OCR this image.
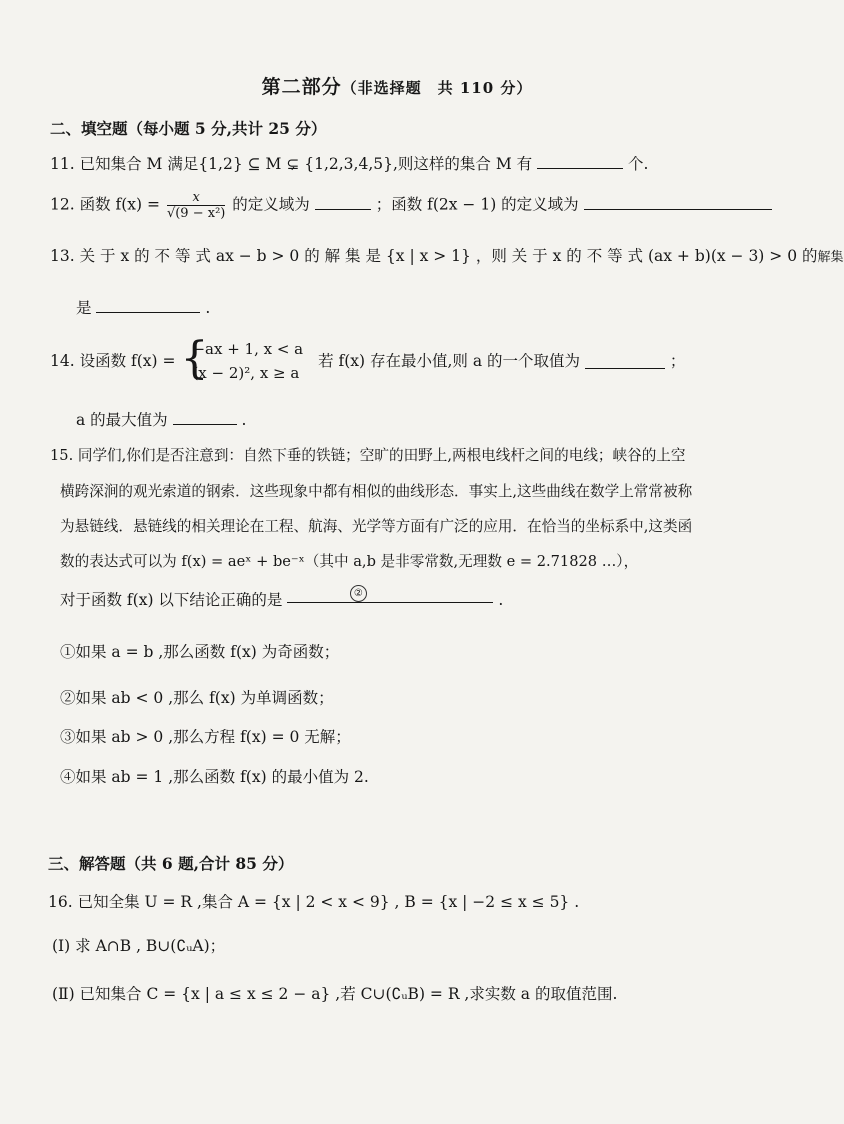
第二部分（非选择题　共 110 分）
二、填空题（每小题 5 分,共计 25 分）
11. 已知集合 M 满足{1,2} ⊆ M ⊊ {1,2,3,4,5},则这样的集合 M 有	个.
12. 函数 $f(x) = \frac{x}{\text{√(9 − x²)}}$ 的定义域为	；函数 f(2x − 1) 的定义域为
13. 关 于 x 的 不 等 式 ax − b > 0 的 解 集 是 {x | x > 1} ，则 关 于 x 的 不 等 式 (ax + b)(x − 3) > 0 的解集
是	.
14. 设函数 f(x) = {
−ax + 1, x < a
(x − 2)², x ≥ a
若 f(x) 存在最小值,则 a 的一个取值为	；
a 的最大值为	.
15. 同学们,你们是否注意到：自然下垂的铁链；空旷的田野上,两根电线杆之间的电线；峡谷的上空
横跨深涧的观光索道的钢索．这些现象中都有相似的曲线形态．事实上,这些曲线在数学上常常被称
为悬链线．悬链线的相关理论在工程、航海、光学等方面有广泛的应用．在恰当的坐标系中,这类函
数的表达式可以为 f(x) = aeˣ + be⁻ˣ（其中 a,b 是非零常数,无理数 e = 2.71828 …），
对于函数 f(x) 以下结论正确的是	②	.
①如果 a = b ,那么函数 f(x) 为奇函数；
②如果 ab < 0 ,那么 f(x) 为单调函数；
③如果 ab > 0 ,那么方程 f(x) = 0 无解；
④如果 ab = 1 ,那么函数 f(x) 的最小值为 2.
三、解答题（共 6 题,合计 85 分）
16. 已知全集 U = R ,集合 A = {x | 2 < x < 9} , B = {x | −2 ≤ x ≤ 5} .
(Ⅰ) 求 A∩B , B∪(∁ᵤA)；
(Ⅱ) 已知集合 C = {x | a ≤ x ≤ 2 − a} ,若 C∪(∁ᵤB) = R ,求实数 a 的取值范围.
